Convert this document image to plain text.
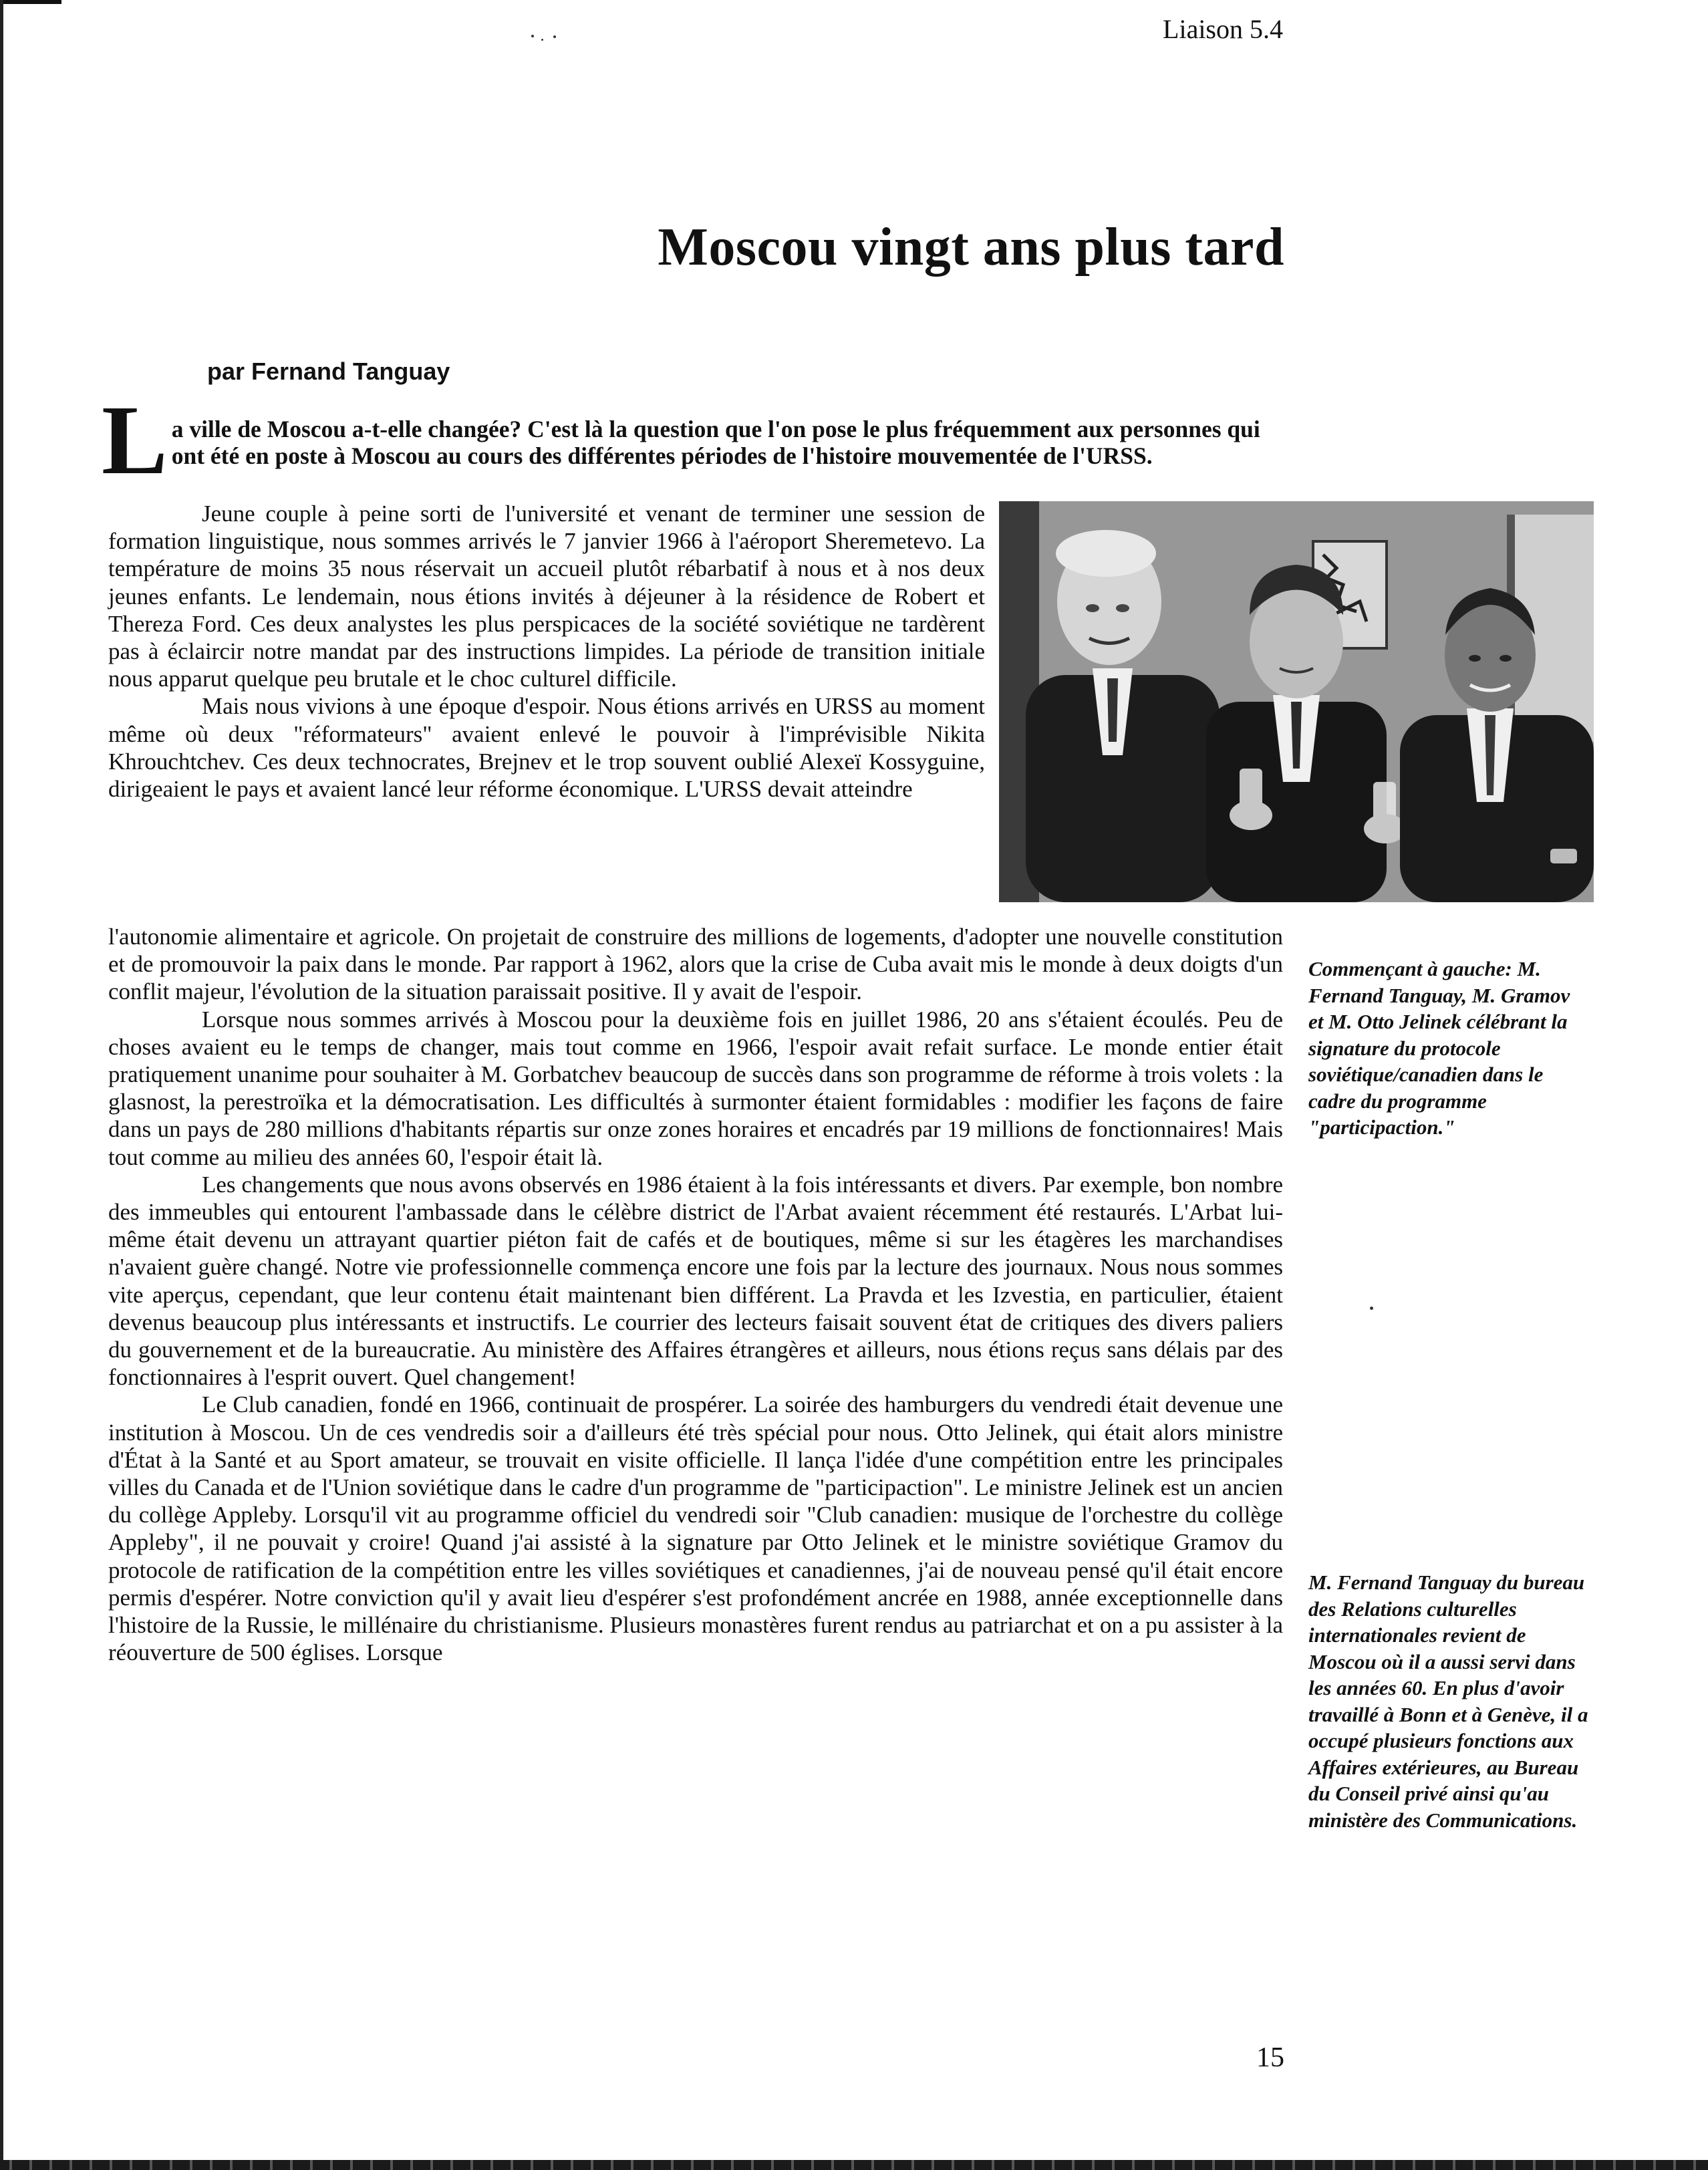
Liaison 5.4

Moscou vingt ans plus tard

par Fernand Tanguay

L a ville de Moscou a-t-elle changée? C'est là la question que l'on pose le plus fréquemment aux personnes qui ont été en poste à Moscou au cours des différentes périodes de l'histoire mouvementée de l'URSS.

Jeune couple à peine sorti de l'université et venant de terminer une session de formation linguistique, nous sommes arrivés le 7 janvier 1966 à l'aéroport Sheremetevo. La température de moins 35 nous réservait un accueil plutôt rébarbatif à nous et à nos deux jeunes enfants. Le lendemain, nous étions invités à déjeuner à la résidence de Robert et Thereza Ford. Ces deux analystes les plus perspicaces de la société soviétique ne tardèrent pas à éclaircir notre mandat par des instructions limpides. La période de transition initiale nous apparut quelque peu brutale et le choc culturel difficile.

Mais nous vivions à une époque d'espoir. Nous étions arrivés en URSS au moment même où deux "réformateurs" avaient enlevé le pouvoir à l'imprévisible Nikita Khrouchtchev. Ces deux technocrates, Brejnev et le trop souvent oublié Alexeï Kossyguine, dirigeaient le pays et avaient lancé leur réforme économique. L'URSS devait atteindre

l'autonomie alimentaire et agricole. On projetait de construire des millions de logements, d'adopter une nouvelle constitution et de promouvoir la paix dans le monde. Par rapport à 1962, alors que la crise de Cuba avait mis le monde à deux doigts d'un conflit majeur, l'évolution de la situation paraissait positive. Il y avait de l'espoir.

Lorsque nous sommes arrivés à Moscou pour la deuxième fois en juillet 1986, 20 ans s'étaient écoulés. Peu de choses avaient eu le temps de changer, mais tout comme en 1966, l'espoir avait refait surface. Le monde entier était pratiquement unanime pour souhaiter à M. Gorbatchev beaucoup de succès dans son programme de réforme à trois volets : la glasnost, la perestroïka et la démocratisation. Les difficultés à surmonter étaient formidables : modifier les façons de faire dans un pays de 280 millions d'habitants répartis sur onze zones horaires et encadrés par 19 millions de fonctionnaires! Mais tout comme au milieu des années 60, l'espoir était là.

Les changements que nous avons observés en 1986 étaient à la fois intéressants et divers. Par exemple, bon nombre des immeubles qui entourent l'ambassade dans le célèbre district de l'Arbat avaient récemment été restaurés. L'Arbat lui-même était devenu un attrayant quartier piéton fait de cafés et de boutiques, même si sur les étagères les marchandises n'avaient guère changé. Notre vie professionnelle commença encore une fois par la lecture des journaux. Nous nous sommes vite aperçus, cependant, que leur contenu était maintenant bien différent. La Pravda et les Izvestia, en particulier, étaient devenus beaucoup plus intéressants et instructifs. Le courrier des lecteurs faisait souvent état de critiques des divers paliers du gouvernement et de la bureaucratie. Au ministère des Affaires étrangères et ailleurs, nous étions reçus sans délais par des fonctionnaires à l'esprit ouvert. Quel changement!

Le Club canadien, fondé en 1966, continuait de prospérer. La soirée des hamburgers du vendredi était devenue une institution à Moscou. Un de ces vendredis soir a d'ailleurs été très spécial pour nous. Otto Jelinek, qui était alors ministre d'État à la Santé et au Sport amateur, se trouvait en visite officielle. Il lança l'idée d'une compétition entre les principales villes du Canada et de l'Union soviétique dans le cadre d'un programme de "participaction". Le ministre Jelinek est un ancien du collège Appleby. Lorsqu'il vit au programme officiel du vendredi soir "Club canadien: musique de l'orchestre du collège Appleby", il ne pouvait y croire! Quand j'ai assisté à la signature par Otto Jelinek et le ministre soviétique Gramov du protocole de ratification de la compétition entre les villes soviétiques et canadiennes, j'ai de nouveau pensé qu'il était encore permis d'espérer. Notre conviction qu'il y avait lieu d'espérer s'est profondément ancrée en 1988, année exceptionnelle dans l'histoire de la Russie, le millénaire du christianisme. Plusieurs monastères furent rendus au patriarchat et on a pu assister à la réouverture de 500 églises. Lorsque

Commençant à gauche: M. Fernand Tanguay, M. Gramov et M. Otto Jelinek célébrant la signature du protocole soviétique/canadien dans le cadre du programme "participaction."

M. Fernand Tanguay du bureau des Relations culturelles internationales revient de Moscou où il a aussi servi dans les années 60. En plus d'avoir travaillé à Bonn et à Genève, il a occupé plusieurs fonctions aux Affaires extérieures, au Bureau du Conseil privé ainsi qu'au ministère des Communications.

15
